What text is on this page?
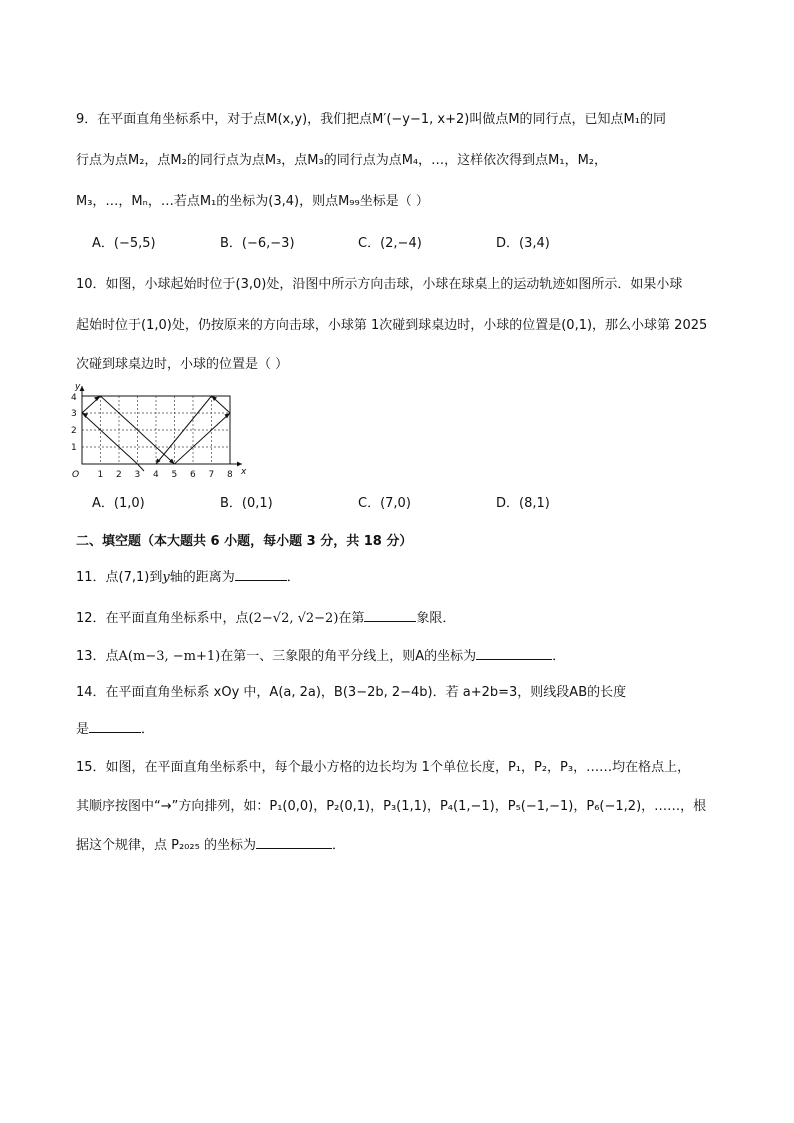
9．在平面直角坐标系中，对于点M(x,y)，我们把点M′(−y−1, x+2)叫做点M的同行点，已知点M₁的同
行点为点M₂，点M₂的同行点为点M₃，点M₃的同行点为点M₄，…，这样依次得到点M₁，M₂，
M₃，…，Mₙ，…若点M₁的坐标为(3,4)，则点M₉₉坐标是（ ）
A．(−5,5)	B．(−6,−3)	C．(2,−4)	D．(3,4)
10．如图，小球起始时位于(3,0)处，沿图中所示方向击球，小球在球桌上的运动轨迹如图所示．如果小球
起始时位于(1,0)处，仍按原来的方向击球，小球第 1次碰到球桌边时，小球的位置是(0,1)，那么小球第 2025
次碰到球桌边时，小球的位置是（ ）
y
x
O 1 2 3 4 5 6 7 8
1
2
3
4
A．(1,0)	B．(0,1)	C．(7,0)	D．(8,1)
二、填空题（本大题共 6 小题，每小题 3 分，共 18 分）
11．点(7,1)到y轴的距离为	．
12．在平面直角坐标系中，点(2−√2, √2−2)在第	象限．
13．点A(m−3, −m+1)在第一、三象限的角平分线上，则A的坐标为	．
14．在平面直角坐标系 xOy 中，A(a, 2a)，B(3−2b, 2−4b)．若 a+2b=3，则线段AB的长度
是	．
15．如图，在平面直角坐标系中，每个最小方格的边长均为 1个单位长度，P₁，P₂，P₃，……均在格点上，
其顺序按图中“→”方向排列，如：P₁(0,0)，P₂(0,1)，P₃(1,1)，P₄(1,−1)，P₅(−1,−1)，P₆(−1,2)，……，根
据这个规律，点 P₂₀₂₅ 的坐标为	．
